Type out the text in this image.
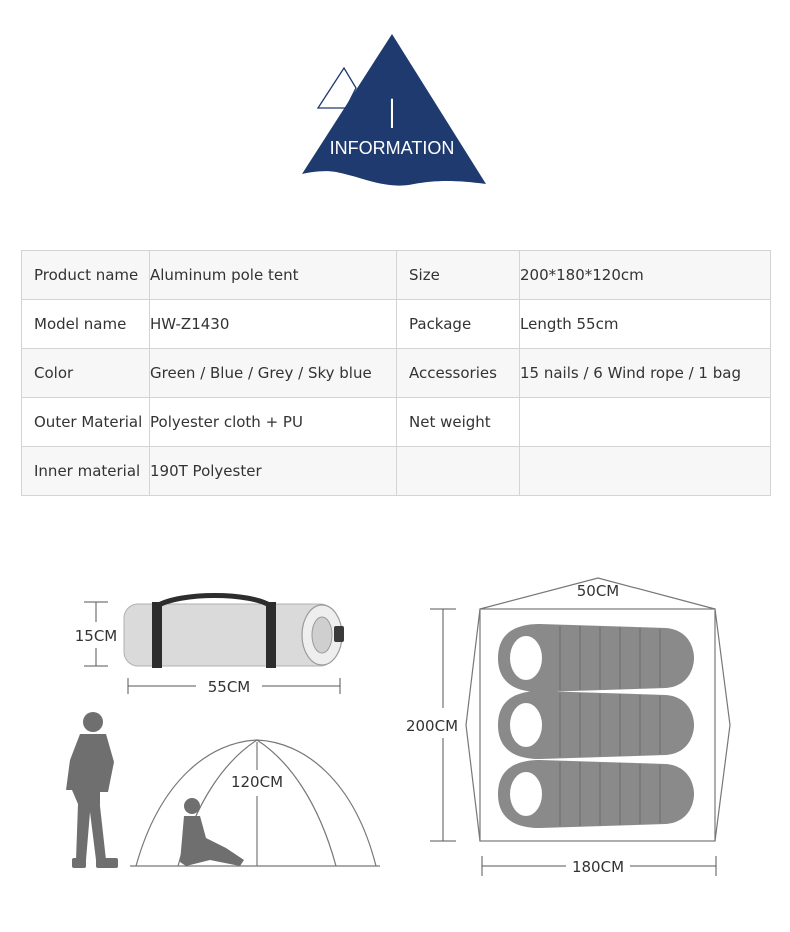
I
INFORMATION
Product name	Aluminum pole tent	Size	200*180*120cm
Model name	HW-Z1430	Package	Length 55cm
Color	Green / Blue / Grey / Sky blue	Accessories	15 nails / 6 Wind rope / 1 bag
Outer Material	Polyester cloth + PU	Net weight	
Inner material	190T Polyester		
15CM
55CM
120CM
50CM
200CM
180CM
